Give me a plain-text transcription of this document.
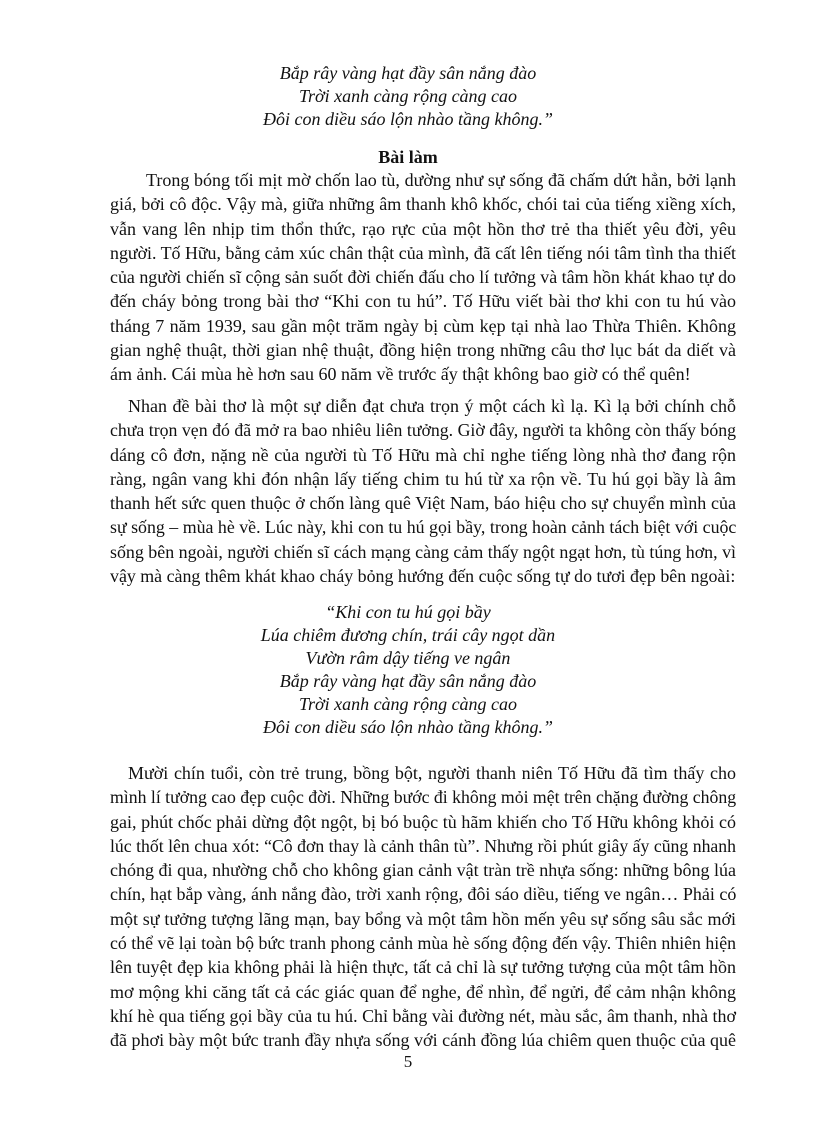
Bắp rây vàng hạt đầy sân nắng đào
Trời xanh càng rộng càng cao
Đôi con diều sáo lộn nhào tầng không.”
Bài làm
Trong bóng tối mịt mờ chốn lao tù, dường như sự sống đã chấm dứt hẳn, bởi lạnh
giá, bởi cô độc. Vậy mà, giữa những âm thanh khô khốc, chói tai của tiếng xiềng xích,
vẫn vang lên nhịp tim thổn thức, rạo rực của một hồn thơ trẻ tha thiết yêu đời, yêu
người. Tố Hữu, bằng cảm xúc chân thật của mình, đã cất lên tiếng nói tâm tình tha thiết
của người chiến sĩ cộng sản suốt đời chiến đấu cho lí tưởng và tâm hồn khát khao tự do
đến cháy bỏng trong bài thơ “Khi con tu hú”. Tố Hữu viết bài thơ khi con tu hú vào
tháng 7 năm 1939, sau gần một trăm ngày bị cùm kẹp tại nhà lao Thừa Thiên. Không
gian nghệ thuật, thời gian nhệ thuật, đồng hiện trong những câu thơ lục bát da diết và
ám ảnh. Cái mùa hè hơn sau 60 năm về trước ấy thật không bao giờ có thể quên!
Nhan đề bài thơ là một sự diễn đạt chưa trọn ý một cách kì lạ. Kì lạ bởi chính chỗ
chưa trọn vẹn đó đã mở ra bao nhiêu liên tưởng. Giờ đây, người ta không còn thấy bóng
dáng cô đơn, nặng nề của người tù Tố Hữu mà chỉ nghe tiếng lòng nhà thơ đang rộn
ràng, ngân vang khi đón nhận lấy tiếng chim tu hú từ xa rộn về. Tu hú gọi bầy là âm
thanh hết sức quen thuộc ở chốn làng quê Việt Nam, báo hiệu cho sự chuyển mình của
sự sống – mùa hè về. Lúc này, khi con tu hú gọi bầy, trong hoàn cảnh tách biệt với cuộc
sống bên ngoài, người chiến sĩ cách mạng càng cảm thấy ngột ngạt hơn, tù túng hơn, vì
vậy mà càng thêm khát khao cháy bỏng hướng đến cuộc sống tự do tươi đẹp bên ngoài:
“Khi con tu hú gọi bầy
Lúa chiêm đương chín, trái cây ngọt dần
Vườn râm dậy tiếng ve ngân
Bắp rây vàng hạt đầy sân nắng đào
Trời xanh càng rộng càng cao
Đôi con diều sáo lộn nhào tầng không.”
Mười chín tuổi, còn trẻ trung, bồng bột, người thanh niên Tố Hữu đã tìm thấy cho
mình lí tưởng cao đẹp cuộc đời. Những bước đi không mỏi mệt trên chặng đường chông
gai, phút chốc phải dừng đột ngột, bị bó buộc tù hãm khiến cho Tố Hữu không khỏi có
lúc thốt lên chua xót: “Cô đơn thay là cảnh thân tù”. Nhưng rồi phút giây ấy cũng nhanh
chóng đi qua, nhường chỗ cho không gian cảnh vật tràn trề nhựa sống: những bông lúa
chín, hạt bắp vàng, ánh nắng đào, trời xanh rộng, đôi sáo diều, tiếng ve ngân… Phải có
một sự tưởng tượng lãng mạn, bay bổng và một tâm hồn mến yêu sự sống sâu sắc mới
có thể vẽ lại toàn bộ bức tranh phong cảnh mùa hè sống động đến vậy. Thiên nhiên hiện
lên tuyệt đẹp kia không phải là hiện thực, tất cả chỉ là sự tưởng tượng của một tâm hồn
mơ mộng khi căng tất cả các giác quan để nghe, để nhìn, để ngửi, để cảm nhận không
khí hè qua tiếng gọi bầy của tu hú. Chỉ bằng vài đường nét, màu sắc, âm thanh, nhà thơ
đã phơi bày một bức tranh đầy nhựa sống với cánh đồng lúa chiêm quen thuộc của quê
5
